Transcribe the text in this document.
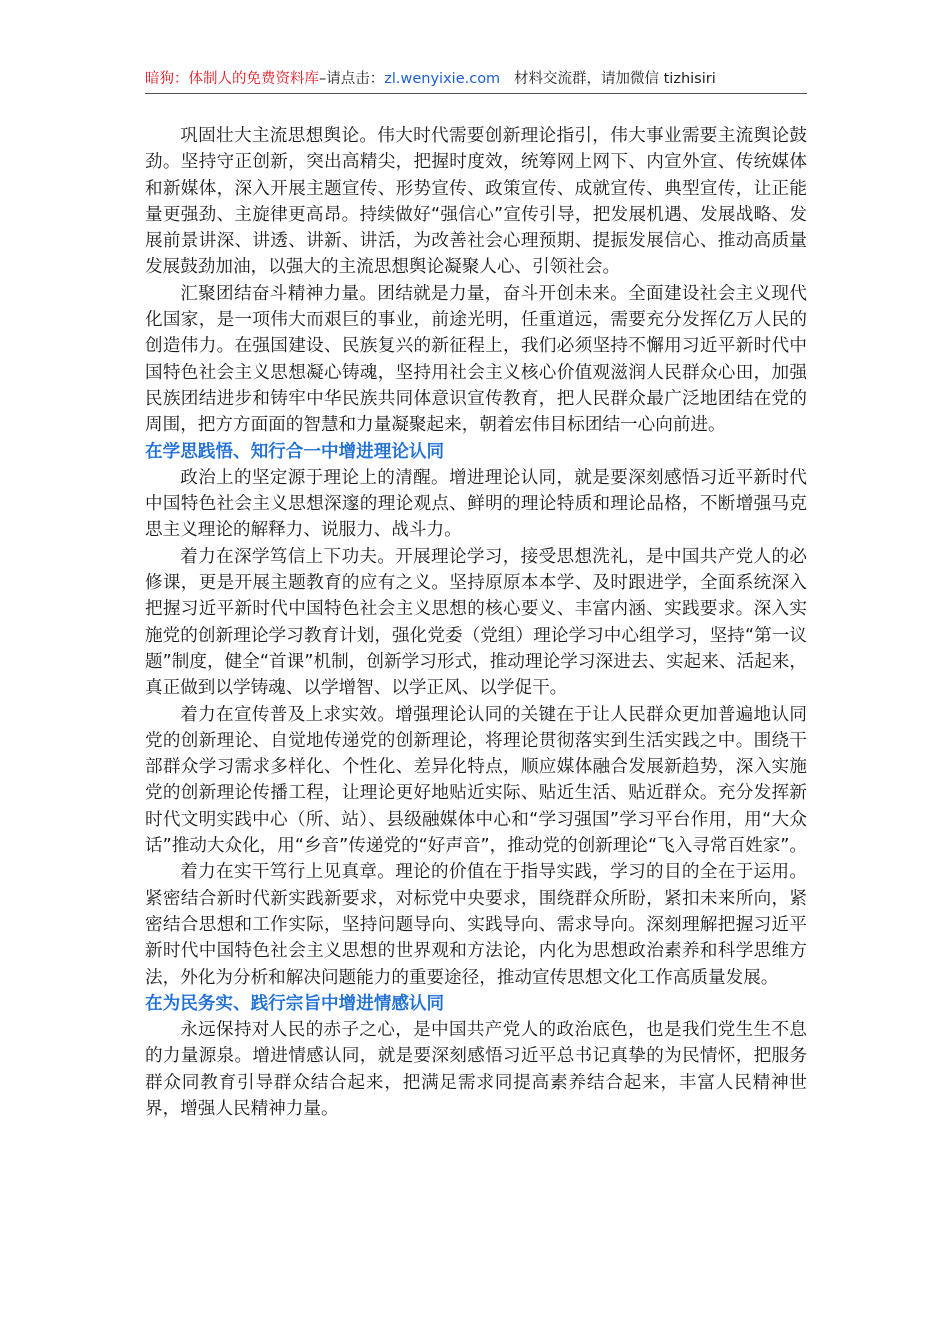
暗狗：体制人的免费资料库–请点击：zl.wenyixie.com 材料交流群，请加微信 tizhisiri

巩固壮大主流思想舆论。伟大时代需要创新理论指引，伟大事业需要主流舆论鼓劲。坚持守正创新，突出高精尖，把握时度效，统筹网上网下、内宣外宣、传统媒体和新媒体，深入开展主题宣传、形势宣传、政策宣传、成就宣传、典型宣传，让正能量更强劲、主旋律更高昂。持续做好“强信心”宣传引导，把发展机遇、发展战略、发展前景讲深、讲透、讲新、讲活，为改善社会心理预期、提振发展信心、推动高质量发展鼓劲加油，以强大的主流思想舆论凝聚人心、引领社会。

汇聚团结奋斗精神力量。团结就是力量，奋斗开创未来。全面建设社会主义现代化国家，是一项伟大而艰巨的事业，前途光明，任重道远，需要充分发挥亿万人民的创造伟力。在强国建设、民族复兴的新征程上，我们必须坚持不懈用习近平新时代中国特色社会主义思想凝心铸魂，坚持用社会主义核心价值观滋润人民群众心田，加强民族团结进步和铸牢中华民族共同体意识宣传教育，把人民群众最广泛地团结在党的周围，把方方面面的智慧和力量凝聚起来，朝着宏伟目标团结一心向前进。

在学思践悟、知行合一中增进理论认同

政治上的坚定源于理论上的清醒。增进理论认同，就是要深刻感悟习近平新时代中国特色社会主义思想深邃的理论观点、鲜明的理论特质和理论品格，不断增强马克思主义理论的解释力、说服力、战斗力。

着力在深学笃信上下功夫。开展理论学习，接受思想洗礼，是中国共产党人的必修课，更是开展主题教育的应有之义。坚持原原本本学、及时跟进学，全面系统深入把握习近平新时代中国特色社会主义思想的核心要义、丰富内涵、实践要求。深入实施党的创新理论学习教育计划，强化党委（党组）理论学习中心组学习，坚持“第一议题”制度，健全“首课”机制，创新学习形式，推动理论学习深进去、实起来、活起来，真正做到以学铸魂、以学增智、以学正风、以学促干。

着力在宣传普及上求实效。增强理论认同的关键在于让人民群众更加普遍地认同党的创新理论、自觉地传递党的创新理论，将理论贯彻落实到生活实践之中。围绕干部群众学习需求多样化、个性化、差异化特点，顺应媒体融合发展新趋势，深入实施党的创新理论传播工程，让理论更好地贴近实际、贴近生活、贴近群众。充分发挥新时代文明实践中心（所、站）、县级融媒体中心和“学习强国”学习平台作用，用“大众话”推动大众化，用“乡音”传递党的“好声音”，推动党的创新理论“飞入寻常百姓家”。

着力在实干笃行上见真章。理论的价值在于指导实践，学习的目的全在于运用。紧密结合新时代新实践新要求，对标党中央要求，围绕群众所盼，紧扣未来所向，紧密结合思想和工作实际，坚持问题导向、实践导向、需求导向。深刻理解把握习近平新时代中国特色社会主义思想的世界观和方法论，内化为思想政治素养和科学思维方法，外化为分析和解决问题能力的重要途径，推动宣传思想文化工作高质量发展。

在为民务实、践行宗旨中增进情感认同

永远保持对人民的赤子之心，是中国共产党人的政治底色，也是我们党生生不息的力量源泉。增进情感认同，就是要深刻感悟习近平总书记真挚的为民情怀，把服务群众同教育引导群众结合起来，把满足需求同提高素养结合起来，丰富人民精神世界，增强人民精神力量。
